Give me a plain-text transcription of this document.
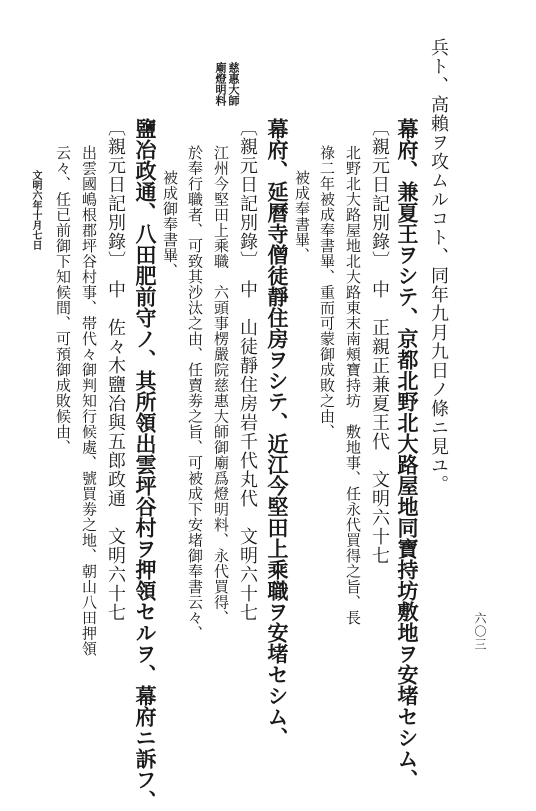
慈惠大師
廟燈明料	兵ト、高賴ヲ攻ムルコト、同年九月九日ノ條ニ見ユ。
幕府、兼夏王ヲシテ、京都北野北大路屋地同寶持坊敷地ヲ安堵セシム、
〔親元日記別錄〕　中　正親正兼夏王代　文明六十七
北野北大路屋地北大路東末南頰寶持坊　敷地事、任永代買得之旨、長
祿二年被成奉書畢、重而可蒙御成敗之由、
被成奉書畢、
幕府、延曆寺僧徒靜住房ヲシテ、近江今堅田上乘職ヲ安堵セシム、
〔親元日記別錄〕　中　山徒靜住房岩千代丸代　文明六十七
江州今堅田上乘職　六頭事楞嚴院慈惠大師御廟爲燈明料、永代買得、
於奉行職者、可致其沙汰之由、任賣劵之旨、可被成下安堵御奉書云々、
被成御奉書畢、
鹽冶政通、八田肥前守ノ、其所領出雲坪谷村ヲ押領セルヲ、幕府ニ訴フ、
〔親元日記別錄〕　中　佐々木鹽冶與五郎政通　文明六十七
出雲國嶋根郡坪谷村事、帯代々御判知行候處、號買劵之地、朝山八田押領
云々、任已前御下知候間、可預御成敗候由、
文明六年十月七日
六〇三
